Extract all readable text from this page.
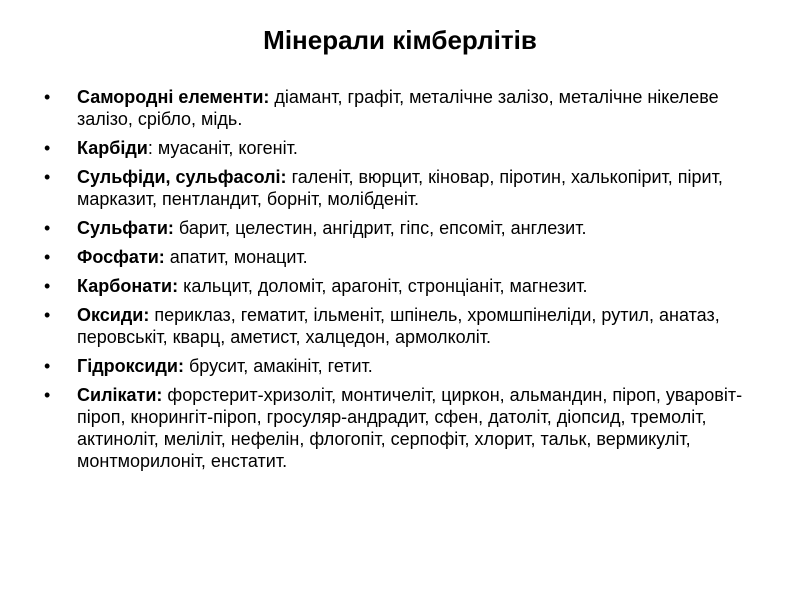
Мінерали кімберлітів
• Самородні елементи: діамант, графіт, металічне залізо, металічне нікелеве залізо, срібло, мідь.
• Карбіди: муасаніт, когеніт.
• Сульфіди, сульфасолі: галеніт, вюрцит, кіновар, піротин, халькопірит, пірит, марказит, пентландит, борніт, молібденіт.
• Сульфати: барит, целестин, ангідрит, гіпс, епсоміт, англезит.
• Фосфати: апатит, монацит.
• Карбонати: кальцит, доломіт, арагоніт, стронціаніт, магнезит.
• Оксиди: периклаз, гематит, ільменіт, шпінель, хромшпінеліди, рутил, анатаз, перовськіт, кварц, аметист, халцедон, армолколіт.
• Гідроксиди: брусит, амакініт, гетит.
• Силікати: форстерит-хризоліт, монтичеліт, циркон, альмандин, піроп, уваровіт-піроп, кнорингіт-піроп, гросуляр-андрадит, сфен, датоліт, діопсид, тремоліт, актиноліт, меліліт, нефелін, флогопіт, серпофіт, хлорит, тальк, вермикуліт, монтморилоніт, енстатит.
